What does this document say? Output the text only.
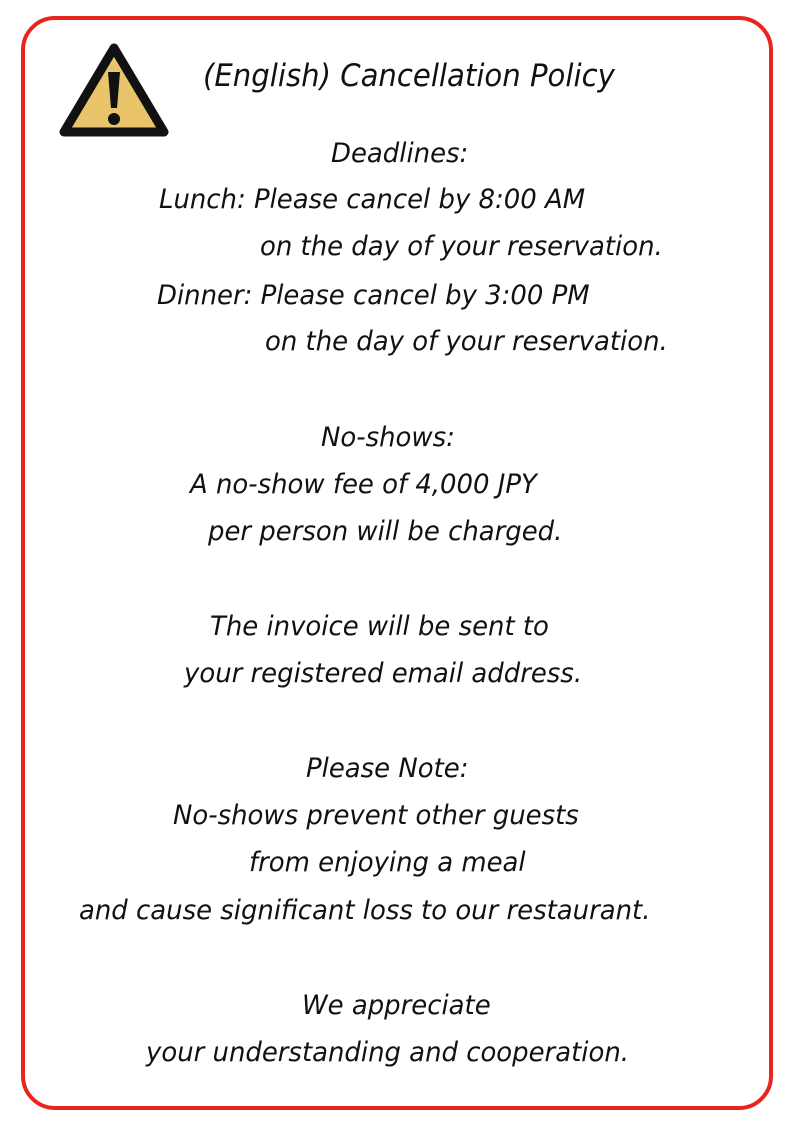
(English) Cancellation Policy
Deadlines:
Lunch: Please cancel by 8:00 AM
on the day of your reservation.
Dinner: Please cancel by 3:00 PM
on the day of your reservation.
No-shows:
A no-show fee of 4,000 JPY
per person will be charged.
The invoice will be sent to
your registered email address.
Please Note:
No-shows prevent other guests
from enjoying a meal
and cause significant loss to our restaurant.
We appreciate
your understanding and cooperation.
